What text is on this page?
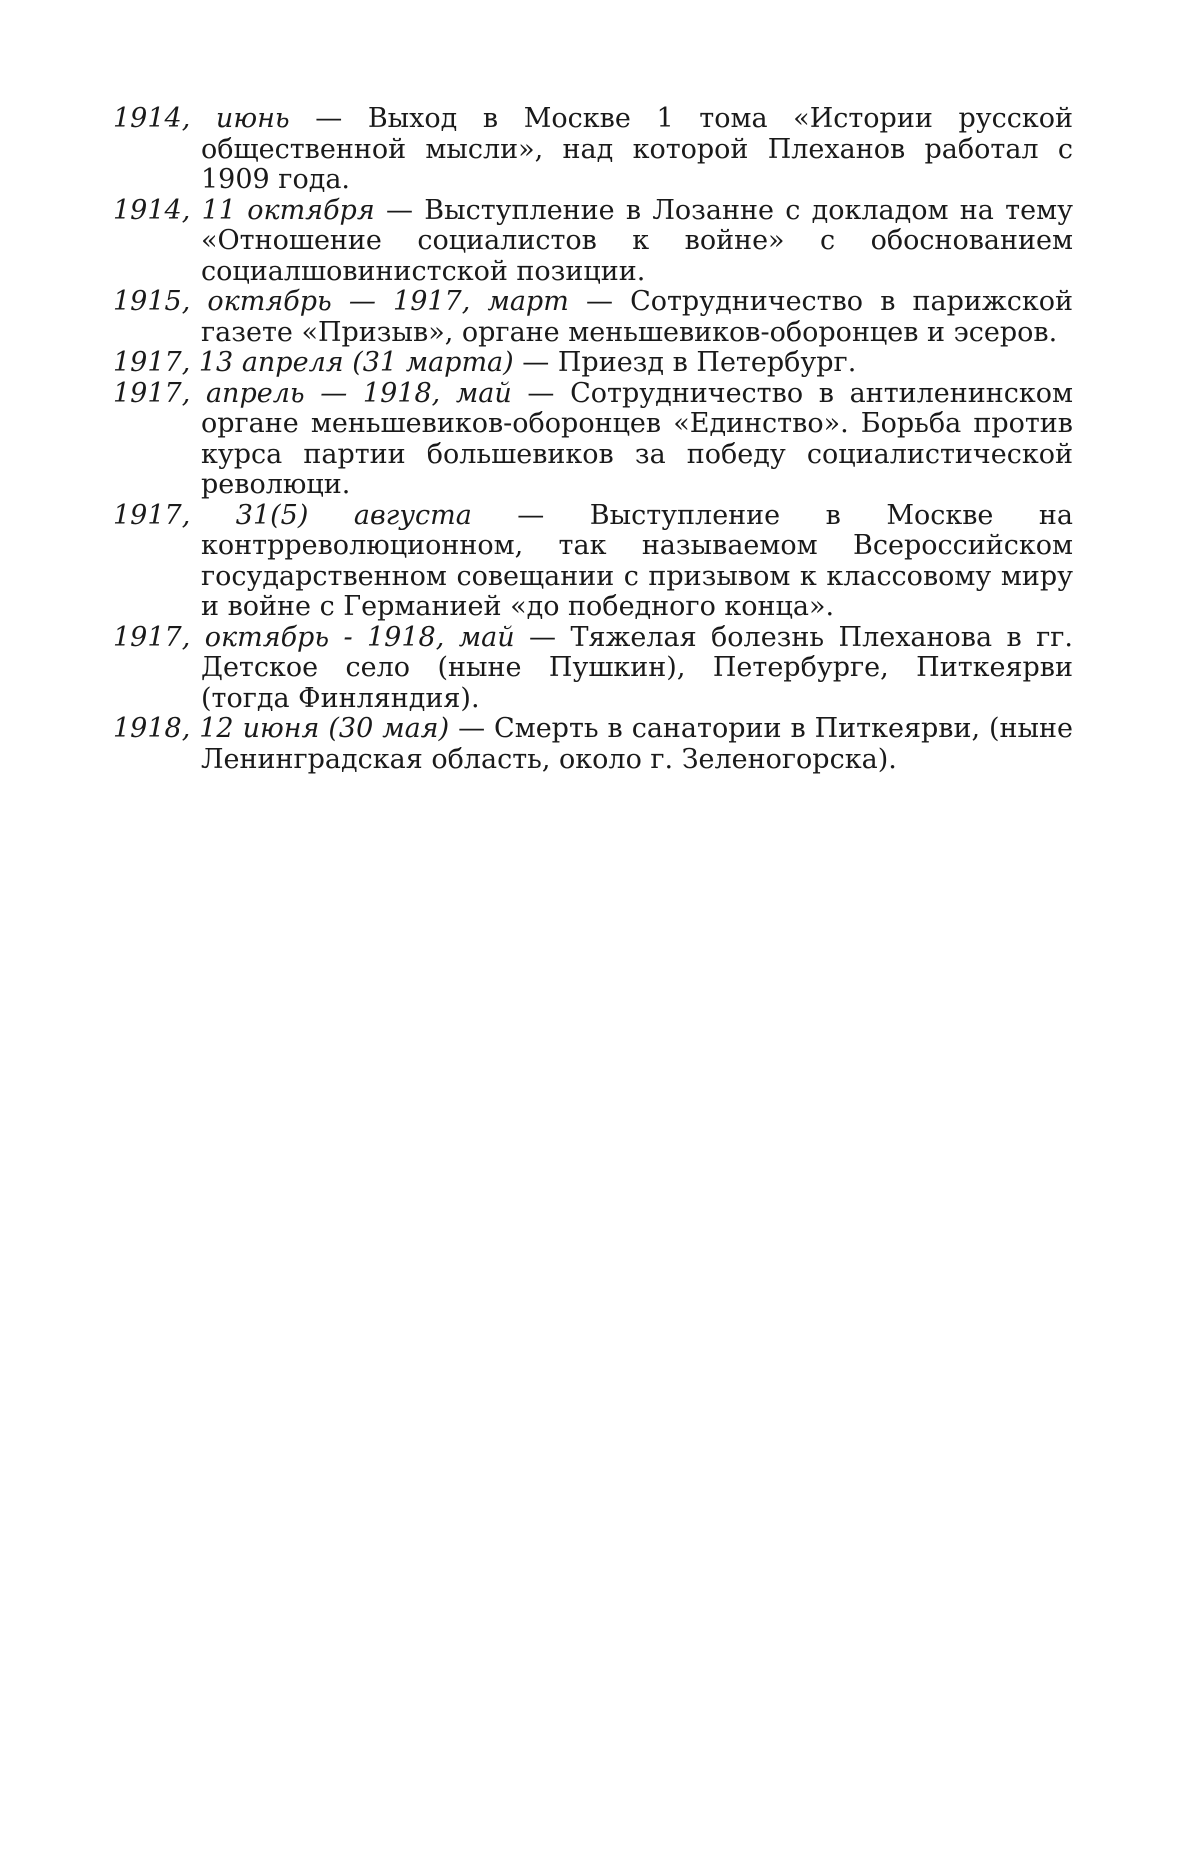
1914, июнь — Выход в Москве 1 тома «Истории русской общественной мысли», над которой Плеханов работал с 1909 года.

1914, 11 октября — Выступление в Лозанне с докладом на тему «Отношение социалистов к войне» с обоснованием социалшовинистской позиции.

1915, октябрь — 1917, март — Сотрудничество в парижской газете «Призыв», органе меньшевиков-оборонцев и эсеров.

1917, 13 апреля (31 марта) — Приезд в Петербург.

1917, апрель — 1918, май — Сотрудничество в антиленинском органе меньшевиков-оборонцев «Единство». Борьба против курса партии большевиков за победу социалистической революци.

1917, 31(5) августа — Выступление в Москве на контрреволюционном, так называемом Всероссийском государственном совещании с призывом к классовому миру и войне с Германией «до победного конца».

1917, октябрь - 1918, май — Тяжелая болезнь Плеханова в гг. Детское село (ныне Пушкин), Петербурге, Питкеярви (тогда Финляндия).

1918, 12 июня (30 мая) — Смерть в санатории в Питкеярви, (ныне Ленинградская область, около г. Зеленогорска).
